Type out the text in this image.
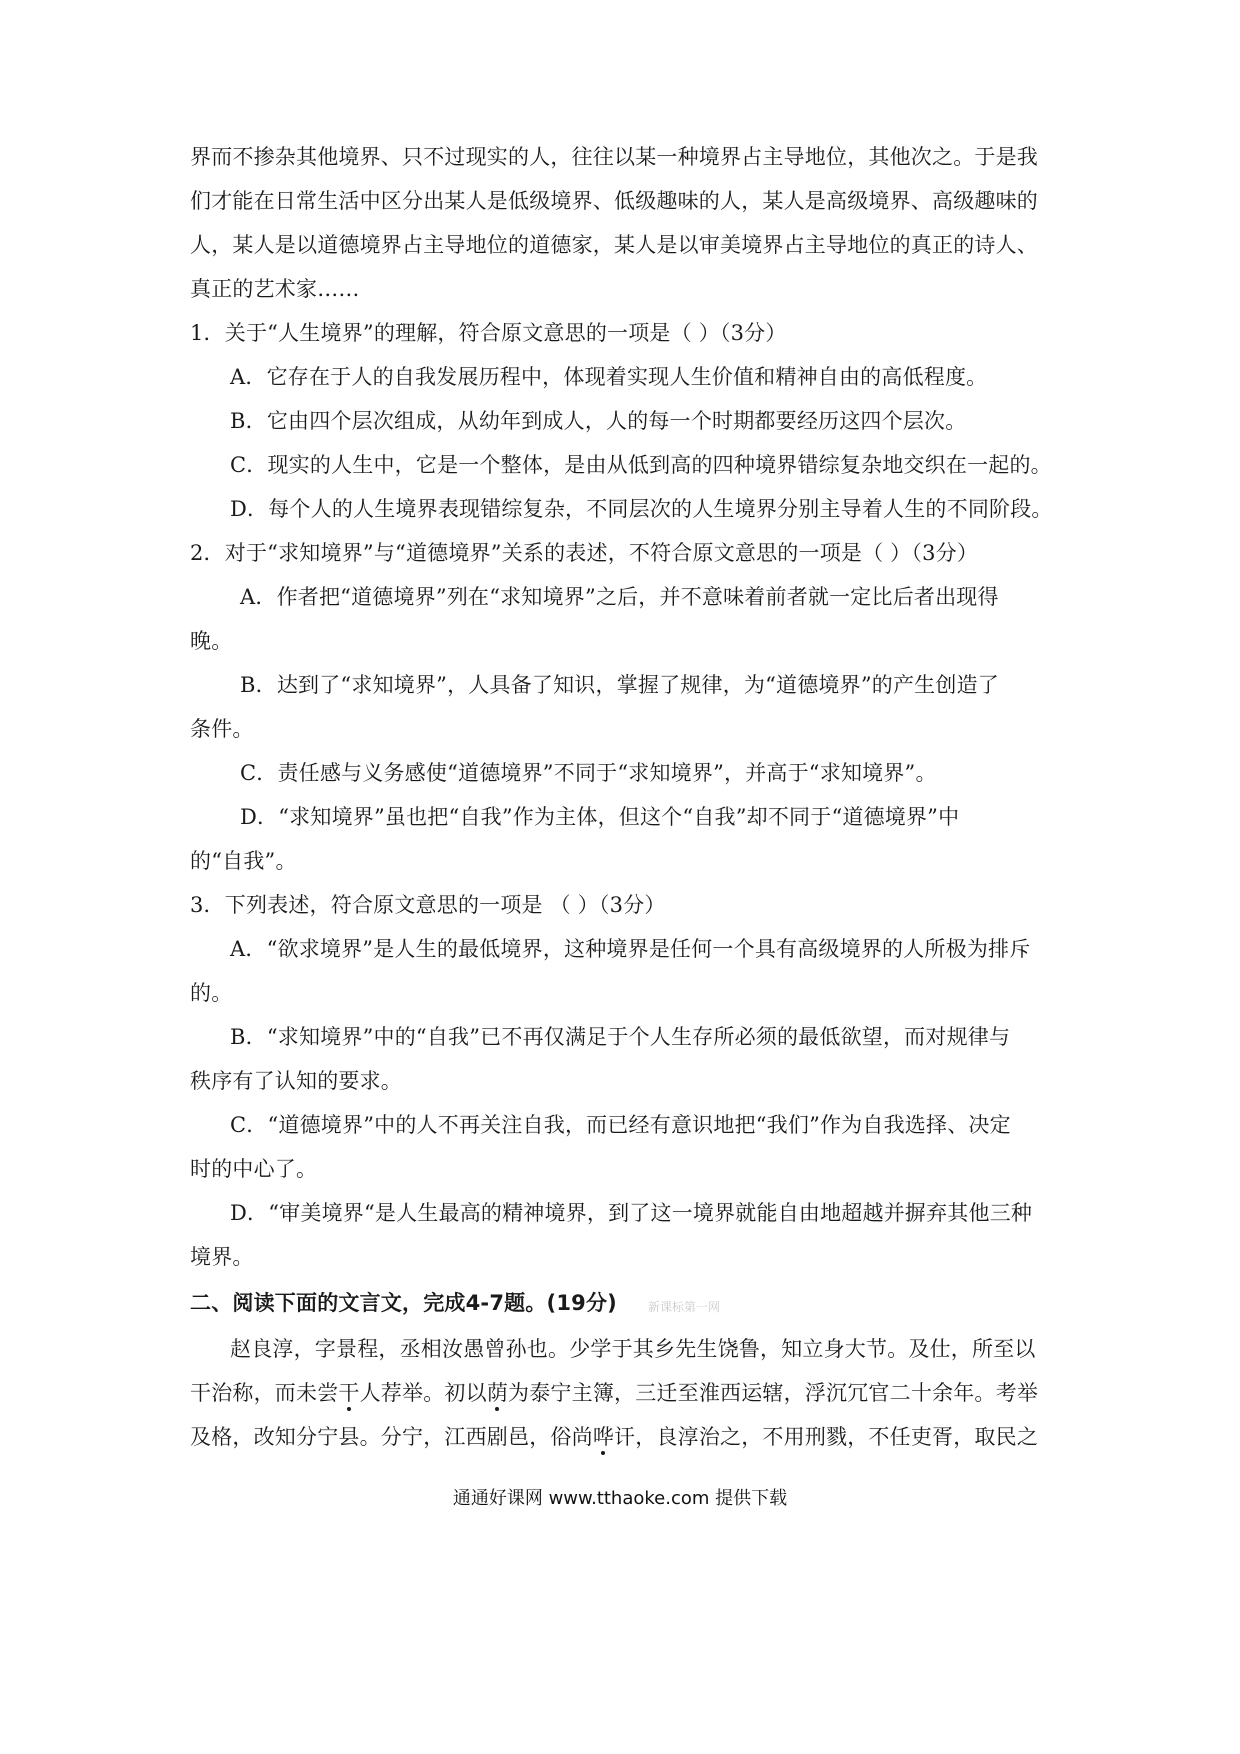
界而不掺杂其他境界、只不过现实的人，往往以某一种境界占主导地位，其他次之。于是我
们才能在日常生活中区分出某人是低级境界、低级趣味的人，某人是高级境界、高级趣味的
人，某人是以道德境界占主导地位的道德家，某人是以审美境界占主导地位的真正的诗人、
真正的艺术家……
1．关于“人生境界”的理解，符合原文意思的一项是（ ）（3分）
A．它存在于人的自我发展历程中，体现着实现人生价值和精神自由的高低程度。
B．它由四个层次组成，从幼年到成人，人的每一个时期都要经历这四个层次。
C．现实的人生中，它是一个整体，是由从低到高的四种境界错综复杂地交织在一起的。
D．每个人的人生境界表现错综复杂，不同层次的人生境界分别主导着人生的不同阶段。
2．对于“求知境界”与“道德境界”关系的表述，不符合原文意思的一项是（ ）（3分）
A．作者把“道德境界”列在“求知境界”之后，并不意味着前者就一定比后者出现得
晚。
B．达到了“求知境界”，人具备了知识，掌握了规律，为“道德境界”的产生创造了
条件。
C．责任感与义务感使“道德境界”不同于“求知境界”，并高于“求知境界”。
D．“求知境界”虽也把“自我”作为主体，但这个“自我”却不同于“道德境界”中
的“自我”。
3．下列表述，符合原文意思的一项是 （ ）（3分）
A．“欲求境界”是人生的最低境界，这种境界是任何一个具有高级境界的人所极为排斥
的。
B．“求知境界”中的“自我”已不再仅满足于个人生存所必须的最低欲望，而对规律与
秩序有了认知的要求。
C．“道德境界”中的人不再关注自我，而已经有意识地把“我们”作为自我选择、决定
时的中心了。
D．“审美境界“是人生最高的精神境界，到了这一境界就能自由地超越并摒弃其他三种
境界。
二、阅读下面的文言文，完成4-7题。(19分)	新课标第一网
赵良淳，字景程，丞相汝愚曾孙也。少学于其乡先生饶鲁，知立身大节。及仕，所至以
干治称，而未尝干人荐举。初以荫为泰宁主簿，三迁至淮西运辖，浮沉冗官二十余年。考举
及格，改知分宁县。分宁，江西剧邑，俗尚哗讦，良淳治之，不用刑戮，不任吏胥，取民之
通通好课网 www.tthaoke.com 提供下载
